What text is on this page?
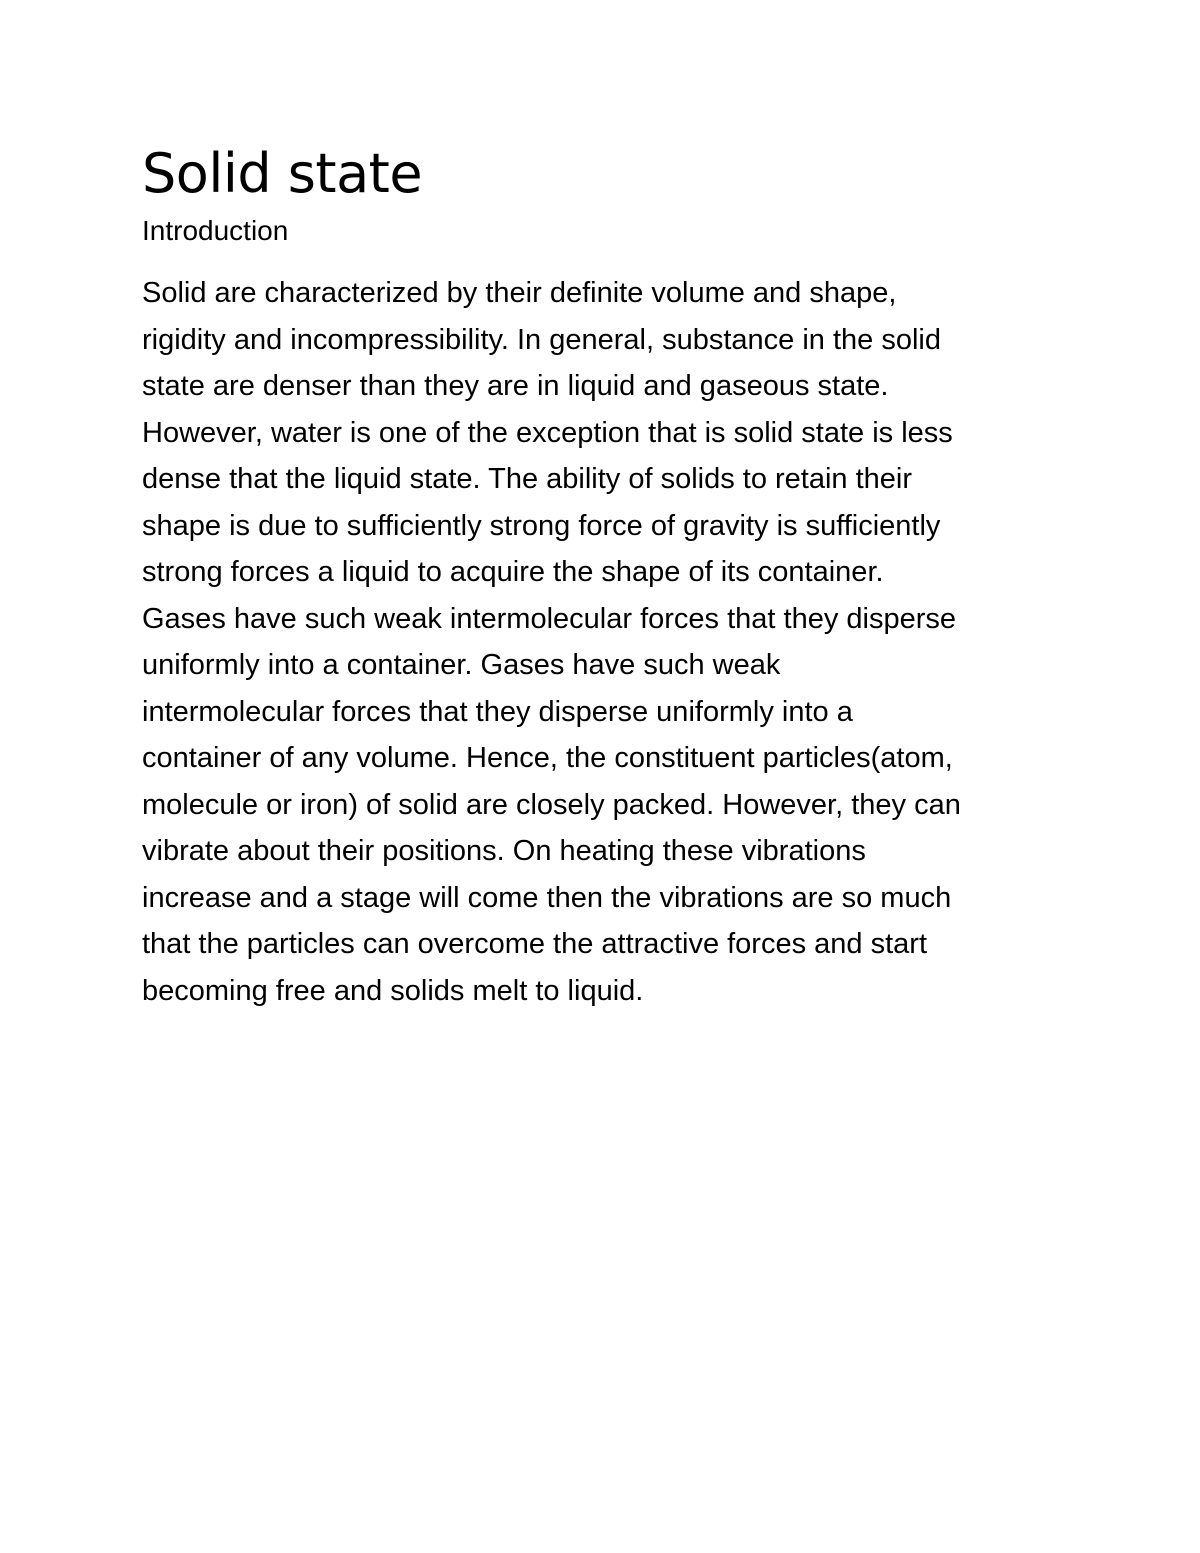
Solid state
Introduction
Solid are characterized by their definite volume and shape,
rigidity and incompressibility. In general, substance in the solid
state are denser than they are in liquid and gaseous state.
However, water is one of the exception that is solid state is less
dense that the liquid state. The ability of solids to retain their
shape is due to sufficiently strong force of gravity is sufficiently
strong forces a liquid to acquire the shape of its container.
Gases have such weak intermolecular forces that they disperse
uniformly into a container. Gases have such weak
intermolecular forces that they disperse uniformly into a
container of any volume. Hence, the constituent particles(atom,
molecule or iron) of solid are closely packed. However, they can
vibrate about their positions. On heating these vibrations
increase and a stage will come then the vibrations are so much
that the particles can overcome the attractive forces and start
becoming free and solids melt to liquid.
